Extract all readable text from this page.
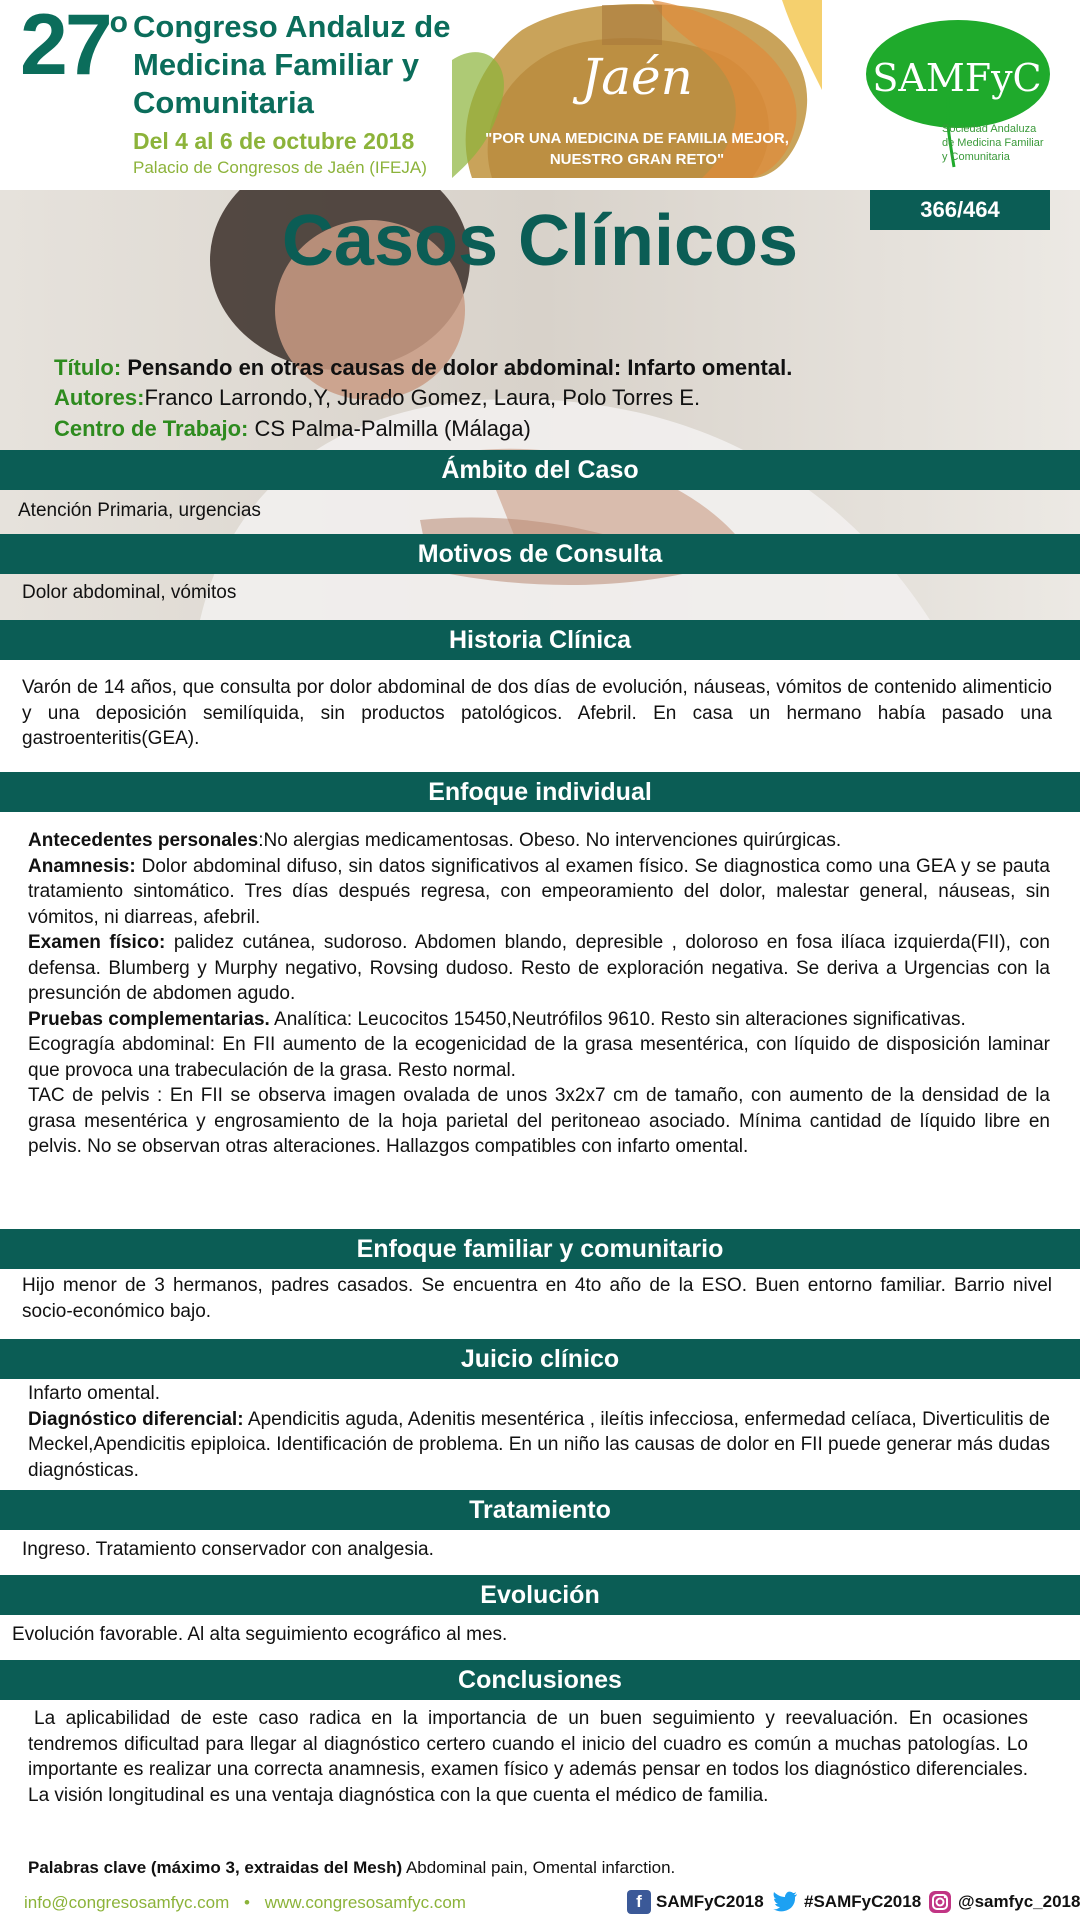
27$^o$ Congreso Andaluz de
Medicina Familiar y
Comunitaria
Del 4 al 6 de octubre 2018
Palacio de Congresos de Jaén (IFEJA)
Jaén
"POR UNA MEDICINA DE FAMILIA MEJOR,
NUESTRO GRAN RETO"
SAMFyC
Sociedad Andaluza
de Medicina Familiar
y Comunitaria
366/464
Casos Clínicos
Título: Pensando en otras causas de dolor abdominal: Infarto omental.
Autores:Franco Larrondo,Y, Jurado Gomez, Laura, Polo Torres E.
Centro de Trabajo: CS Palma-Palmilla (Málaga)
Ámbito del Caso
Atención Primaria, urgencias
Motivos de Consulta
Dolor abdominal, vómitos
Historia Clínica
Varón de 14 años, que consulta por dolor abdominal de dos días de evolución, náuseas, vómitos de contenido alimenticio y una deposición semilíquida, sin productos patológicos. Afebril. En casa un hermano había pasado una gastroenteritis(GEA).
Enfoque individual
Antecedentes personales:No alergias medicamentosas. Obeso. No intervenciones quirúrgicas.
Anamnesis: Dolor abdominal difuso, sin datos significativos al examen físico. Se diagnostica como una GEA y se pauta tratamiento sintomático. Tres días después regresa, con empeoramiento del dolor, malestar general, náuseas, sin vómitos, ni diarreas, afebril.
Examen físico: palidez cutánea, sudoroso. Abdomen blando, depresible , doloroso en fosa ilíaca izquierda(FII), con defensa. Blumberg y Murphy negativo, Rovsing dudoso. Resto de exploración negativa. Se deriva a Urgencias con la presunción de abdomen agudo.
Pruebas complementarias. Analítica: Leucocitos 15450,Neutrófilos 9610. Resto sin alteraciones significativas.
Ecogragía abdominal: En FII aumento de la ecogenicidad de la grasa mesentérica, con líquido de disposición laminar que provoca una trabeculación de la grasa. Resto normal.
TAC de pelvis : En FII se observa imagen ovalada de unos 3x2x7 cm de tamaño, con aumento de la densidad de la grasa mesentérica y engrosamiento de la hoja parietal del peritoneao asociado. Mínima cantidad de líquido libre en pelvis. No se observan otras alteraciones. Hallazgos compatibles con infarto omental.
Enfoque familiar y comunitario
Hijo menor de 3 hermanos, padres casados. Se encuentra en 4to año de la ESO. Buen entorno familiar. Barrio nivel socio-económico bajo.
Juicio clínico
Infarto omental.
Diagnóstico diferencial: Apendicitis aguda, Adenitis mesentérica , ileítis infecciosa, enfermedad celíaca, Diverticulitis de Meckel,Apendicitis epiploica. Identificación de problema. En un niño las causas de dolor en FII puede generar más dudas diagnósticas.
Tratamiento
Ingreso. Tratamiento conservador con analgesia.
Evolución
Evolución favorable. Al alta seguimiento ecográfico al mes.
Conclusiones
La aplicabilidad de este caso radica en la importancia de un buen seguimiento y reevaluación. En ocasiones tendremos dificultad para llegar al diagnóstico certero cuando el inicio del cuadro es común a muchas patologías. Lo importante es realizar una correcta anamnesis, examen físico y además pensar en todos los diagnóstico diferenciales. La visión longitudinal es una ventaja diagnóstica con la que cuenta el médico de familia.
Palabras clave (máximo 3, extraidas del Mesh) Abdominal pain, Omental infarction.
info@congresosamfyc.com • www.congresosamfyc.com	f SAMFyC2018 #SAMFyC2018 @samfyc_2018
